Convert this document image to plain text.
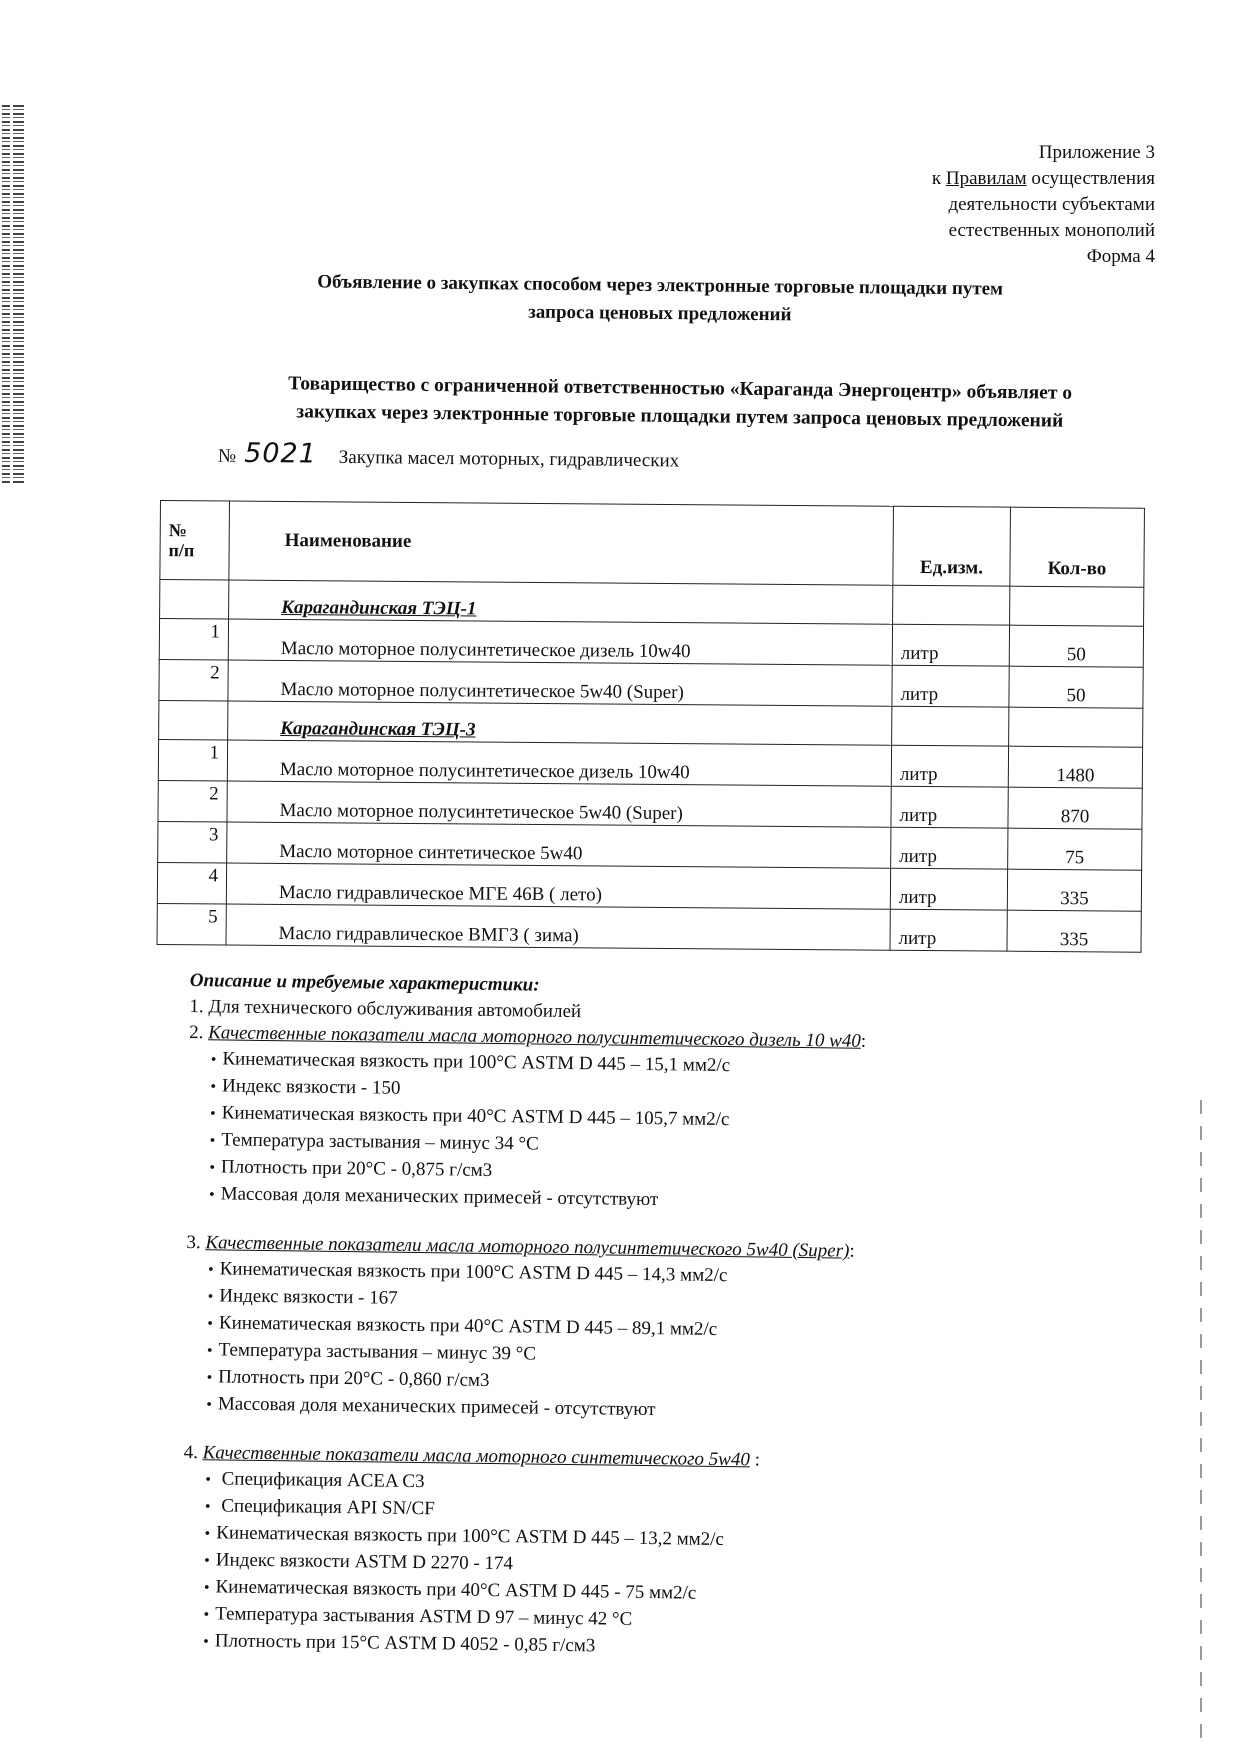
Приложение 3
к Правилам осуществления
деятельности субъектами
естественных монополий
Форма 4
Объявление о закупках способом через электронные торговые площадки путем
запроса ценовых предложений
Товарищество с ограниченной ответственностью «Караганда Энергоцентр» объявляет о
закупках через электронные торговые площадки путем запроса ценовых предложений
№ 5021 Закупка масел моторных, гидравлических
№
п/п	Наименование	Ед.изм.	Кол-во
	Карагандинская ТЭЦ-1		
1	Масло моторное полусинтетическое дизель 10w40	литр	50
2	Масло моторное полусинтетическое 5w40 (Super)	литр	50
	Карагандинская ТЭЦ-3		
1	Масло моторное полусинтетическое дизель 10w40	литр	1480
2	Масло моторное полусинтетическое 5w40 (Super)	литр	870
3	Масло моторное синтетическое 5w40	литр	75
4	Масло гидравлическое МГЕ 46В ( лето)	литр	335
5	Масло гидравлическое ВМГЗ ( зима)	литр	335
Описание и требуемые характеристики:
1. Для технического обслуживания автомобилей
2. Качественные показатели масла моторного полусинтетического дизель 10 w40:
• Кинематическая вязкость при 100°С ASTM D 445 – 15,1 мм2/с
• Индекс вязкости - 150
• Кинематическая вязкость при 40°С ASTM D 445 – 105,7 мм2/с
• Температура застывания – минус 34 °С
• Плотность при 20°С - 0,875 г/см3
• Массовая доля механических примесей - отсутствуют
3. Качественные показатели масла моторного полусинтетического 5w40 (Super):
• Кинематическая вязкость при 100°С ASTM D 445 – 14,3 мм2/с
• Индекс вязкости - 167
• Кинематическая вязкость при 40°С ASTM D 445 – 89,1 мм2/с
• Температура застывания – минус 39 °С
• Плотность при 20°С - 0,860 г/см3
• Массовая доля механических примесей - отсутствуют
4. Качественные показатели масла моторного синтетического 5w40 :
• Спецификация ACEA C3
• Спецификация API SN/CF
• Кинематическая вязкость при 100°С ASTM D 445 – 13,2 мм2/с
• Индекс вязкости ASTM D 2270 - 174
• Кинематическая вязкость при 40°С ASTM D 445 - 75 мм2/с
• Температура застывания ASTM D 97 – минус 42 °С
• Плотность при 15°С ASTM D 4052 - 0,85 г/см3
